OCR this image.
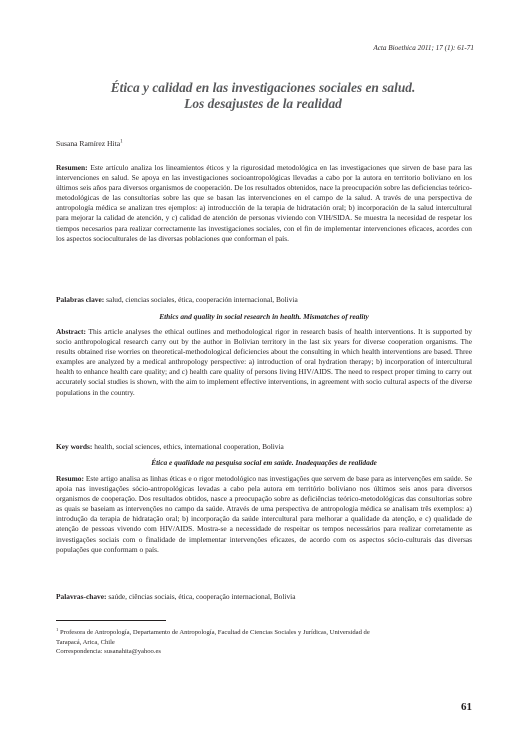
Acta Bioethica 2011; 17 (1): 61-71
Ética y calidad en las investigaciones sociales en salud.
Los desajustes de la realidad
Susana Ramírez Hita$^1$

Resumen: Este artículo analiza los lineamientos éticos y la rigurosidad metodológica en las investigaciones que sirven de base para las intervenciones en salud. Se apoya en las investigaciones socioantropológicas llevadas a cabo por la autora en territorio boliviano en los últimos seis años para diversos organismos de cooperación. De los resultados obtenidos, nace la preocupación sobre las deficiencias teórico-metodológicas de las consultorías sobre las que se basan las intervenciones en el campo de la salud. A través de una perspectiva de antropología médica se analizan tres ejemplos: a) introducción de la terapia de hidratación oral; b) incorporación de la salud intercultural para mejorar la calidad de atención, y c) calidad de atención de personas viviendo con VIH/SIDA. Se muestra la necesidad de respetar los tiempos necesarios para realizar correctamente las investigaciones sociales, con el fin de implementar intervenciones eficaces, acordes con los aspectos socioculturales de las diversas poblaciones que conforman el país.

Palabras clave: salud, ciencias sociales, ética, cooperación internacional, Bolivia

Ethics and quality in social research in health. Mismatches of reality

Abstract: This article analyses the ethical outlines and methodological rigor in research basis of health interventions. It is supported by socio anthropological research carry out by the author in Bolivian territory in the last six years for diverse cooperation organisms. The results obtained rise worries on theoretical-methodological deficiencies about the consulting in which health interventions are based. Three examples are analyzed by a medical anthropology perspective: a) introduction of oral hydration therapy; b) incorporation of intercultural health to enhance health care quality; and c) health care quality of persons living HIV/AIDS. The need to respect proper timing to carry out accurately social studies is shown, with the aim to implement effective interventions, in agreement with socio cultural aspects of the diverse populations in the country.

Key words: health, social sciences, ethics, international cooperation, Bolivia

Ética e qualidade na pesquisa social em saúde. Inadequações de realidade

Resumo: Este artigo analisa as linhas éticas e o rigor metodológico nas investigações que servem de base para as intervenções em saúde. Se apoia nas investigações sócio-antropológicas levadas a cabo pela autora em território boliviano nos últimos seis anos para diversos organismos de cooperação. Dos resultados obtidos, nasce a preocupação sobre as deficiências teórico-metodológicas das consultorias sobre as quais se baseiam as intervenções no campo da saúde. Através de uma perspectiva de antropologia médica se analisam três exemplos: a) introdução da terapia de hidratação oral; b) incorporação da saúde intercultural para melhorar a qualidade da atenção, e c) qualidade de atenção de pessoas vivendo com HIV/AIDS. Mostra-se a necessidade de respeitar os tempos necessários para realizar corretamente as investigações sociais com o finalidade de implementar intervenções eficazes, de acordo com os aspectos sócio-culturais das diversas populações que conformam o país.

Palavras-chave: saúde, ciências sociais, ética, cooperação internacional, Bolivia

$^1$ Profesora de Antropología, Departamento de Antropología, Facultad de Ciencias Sociales y Jurídicas, Universidad de
Tarapacá, Arica, Chile
Correspondencia: susanahita@yahoo.es
61
